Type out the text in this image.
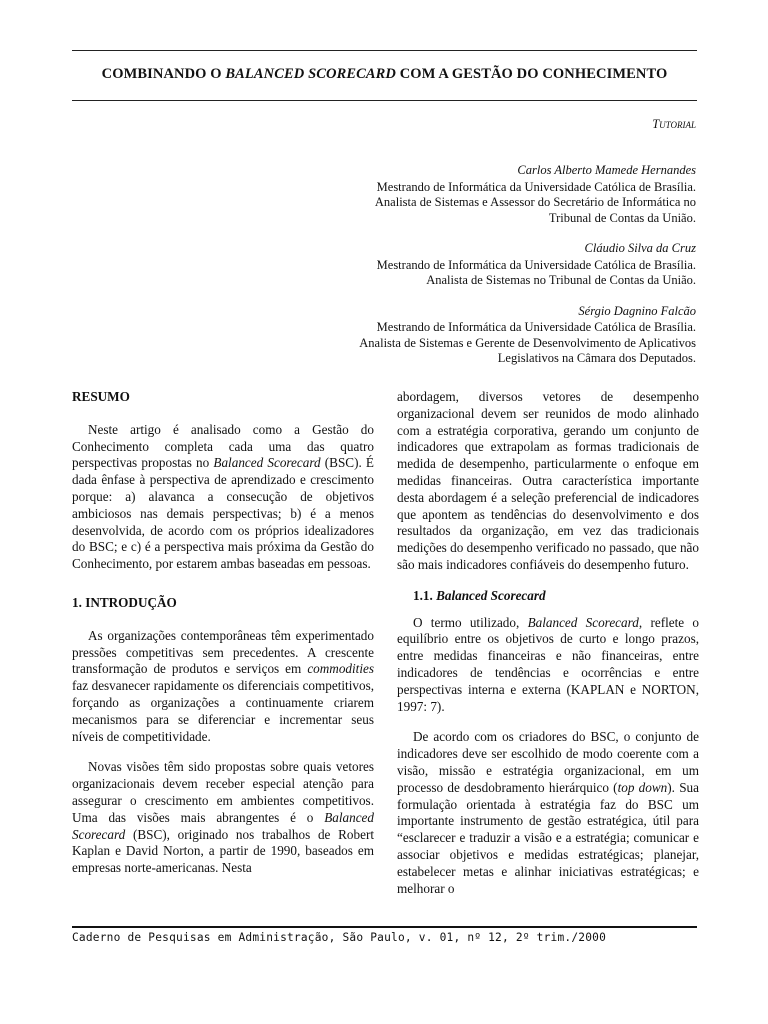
COMBINANDO O BALANCED SCORECARD COM A GESTÃO DO CONHECIMENTO
Tutorial
Carlos Alberto Mamede Hernandes
Mestrando de Informática da Universidade Católica de Brasília.
Analista de Sistemas e Assessor do Secretário de Informática no
Tribunal de Contas da União.
Cláudio Silva da Cruz
Mestrando de Informática da Universidade Católica de Brasília.
Analista de Sistemas no Tribunal de Contas da União.
Sérgio Dagnino Falcão
Mestrando de Informática da Universidade Católica de Brasília.
Analista de Sistemas e Gerente de Desenvolvimento de Aplicativos
Legislativos na Câmara dos Deputados.
RESUMO

Neste artigo é analisado como a Gestão do Conhecimento completa cada uma das quatro perspectivas propostas no Balanced Scorecard (BSC). É dada ênfase à perspectiva de aprendizado e crescimento porque: a) alavanca a consecução de objetivos ambiciosos nas demais perspectivas; b) é a menos desenvolvida, de acordo com os próprios idealizadores do BSC; e c) é a perspectiva mais próxima da Gestão do Conhecimento, por estarem ambas baseadas em pessoas.

1. INTRODUÇÃO

As organizações contemporâneas têm experimentado pressões competitivas sem precedentes. A crescente transformação de produtos e serviços em commodities faz desvanecer rapidamente os diferenciais competitivos, forçando as organizações a continuamente criarem mecanismos para se diferenciar e incrementar seus níveis de competitividade.

Novas visões têm sido propostas sobre quais vetores organizacionais devem receber especial atenção para assegurar o crescimento em ambientes competitivos. Uma das visões mais abrangentes é o Balanced Scorecard (BSC), originado nos trabalhos de Robert Kaplan e David Norton, a partir de 1990, baseados em empresas norte-americanas. Nesta

abordagem, diversos vetores de desempenho organizacional devem ser reunidos de modo alinhado com a estratégia corporativa, gerando um conjunto de indicadores que extrapolam as formas tradicionais de medida de desempenho, particularmente o enfoque em medidas financeiras. Outra característica importante desta abordagem é a seleção preferencial de indicadores que apontem as tendências do desenvolvimento e dos resultados da organização, em vez das tradicionais medições do desempenho verificado no passado, que não são mais indicadores confiáveis do desempenho futuro.

1.1. Balanced Scorecard

O termo utilizado, Balanced Scorecard, reflete o equilíbrio entre os objetivos de curto e longo prazos, entre medidas financeiras e não financeiras, entre indicadores de tendências e ocorrências e entre perspectivas interna e externa (KAPLAN e NORTON, 1997: 7).

De acordo com os criadores do BSC, o conjunto de indicadores deve ser escolhido de modo coerente com a visão, missão e estratégia organizacional, em um processo de desdobramento hierárquico (top down). Sua formulação orientada à estratégia faz do BSC um importante instrumento de gestão estratégica, útil para “esclarecer e traduzir a visão e a estratégia; comunicar e associar objetivos e medidas estratégicas; planejar, estabelecer metas e alinhar iniciativas estratégicas; e melhorar o

Caderno de Pesquisas em Administração, São Paulo, v. 01, nº 12, 2º trim./2000
